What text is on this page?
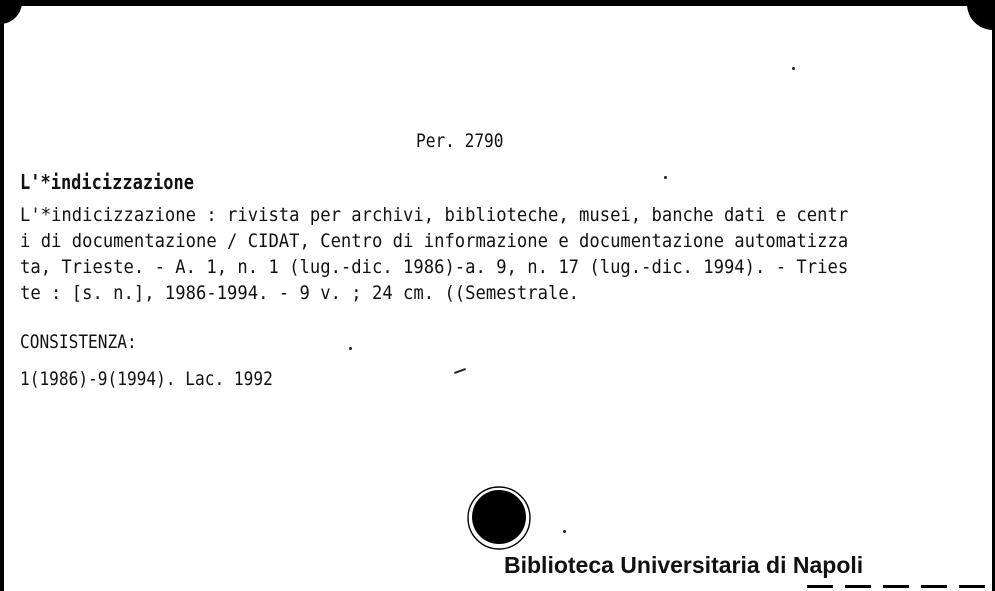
Per. 2790
L'*indicizzazione
L'*indicizzazione : rivista per archivi, biblioteche, musei, banche dati e centr
i di documentazione / CIDAT, Centro di informazione e documentazione automatizza
ta, Trieste. - A. 1, n. 1 (lug.-dic. 1986)-a. 9, n. 17 (lug.-dic. 1994). - Tries
te : [s. n.], 1986-1994. - 9 v. ; 24 cm. ((Semestrale.
CONSISTENZA:
1(1986)-9(1994). Lac. 1992
Biblioteca Universitaria di Napoli
